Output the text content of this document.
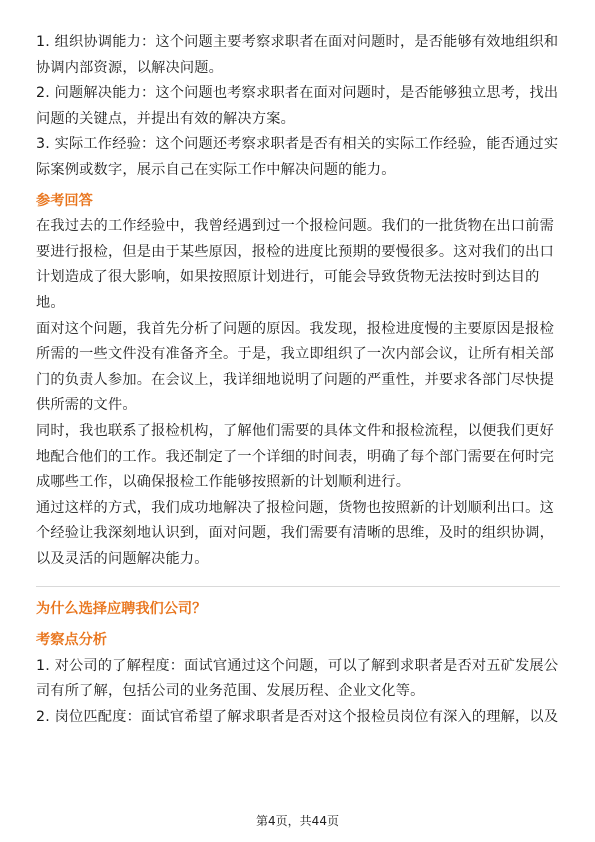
1. 组织协调能力：这个问题主要考察求职者在面对问题时，是否能够有效地组织和协调内部资源，以解决问题。

2. 问题解决能力：这个问题也考察求职者在面对问题时，是否能够独立思考，找出问题的关键点，并提出有效的解决方案。

3. 实际工作经验：这个问题还考察求职者是否有相关的实际工作经验，能否通过实际案例或数字，展示自己在实际工作中解决问题的能力。

参考回答

在我过去的工作经验中，我曾经遇到过一个报检问题。我们的一批货物在出口前需要进行报检，但是由于某些原因，报检的进度比预期的要慢很多。这对我们的出口计划造成了很大影响，如果按照原计划进行，可能会导致货物无法按时到达目的地。

面对这个问题，我首先分析了问题的原因。我发现，报检进度慢的主要原因是报检所需的一些文件没有准备齐全。于是，我立即组织了一次内部会议，让所有相关部门的负责人参加。在会议上，我详细地说明了问题的严重性，并要求各部门尽快提供所需的文件。

同时，我也联系了报检机构，了解他们需要的具体文件和报检流程，以便我们更好地配合他们的工作。我还制定了一个详细的时间表，明确了每个部门需要在何时完成哪些工作，以确保报检工作能够按照新的计划顺利进行。

通过这样的方式，我们成功地解决了报检问题，货物也按照新的计划顺利出口。这个经验让我深刻地认识到，面对问题，我们需要有清晰的思维，及时的组织协调，以及灵活的问题解决能力。

为什么选择应聘我们公司？

考察点分析

1. 对公司的了解程度：面试官通过这个问题，可以了解到求职者是否对五矿发展公司有所了解，包括公司的业务范围、发展历程、企业文化等。

2. 岗位匹配度：面试官希望了解求职者是否对这个报检员岗位有深入的理解，以及

第4页，共44页
